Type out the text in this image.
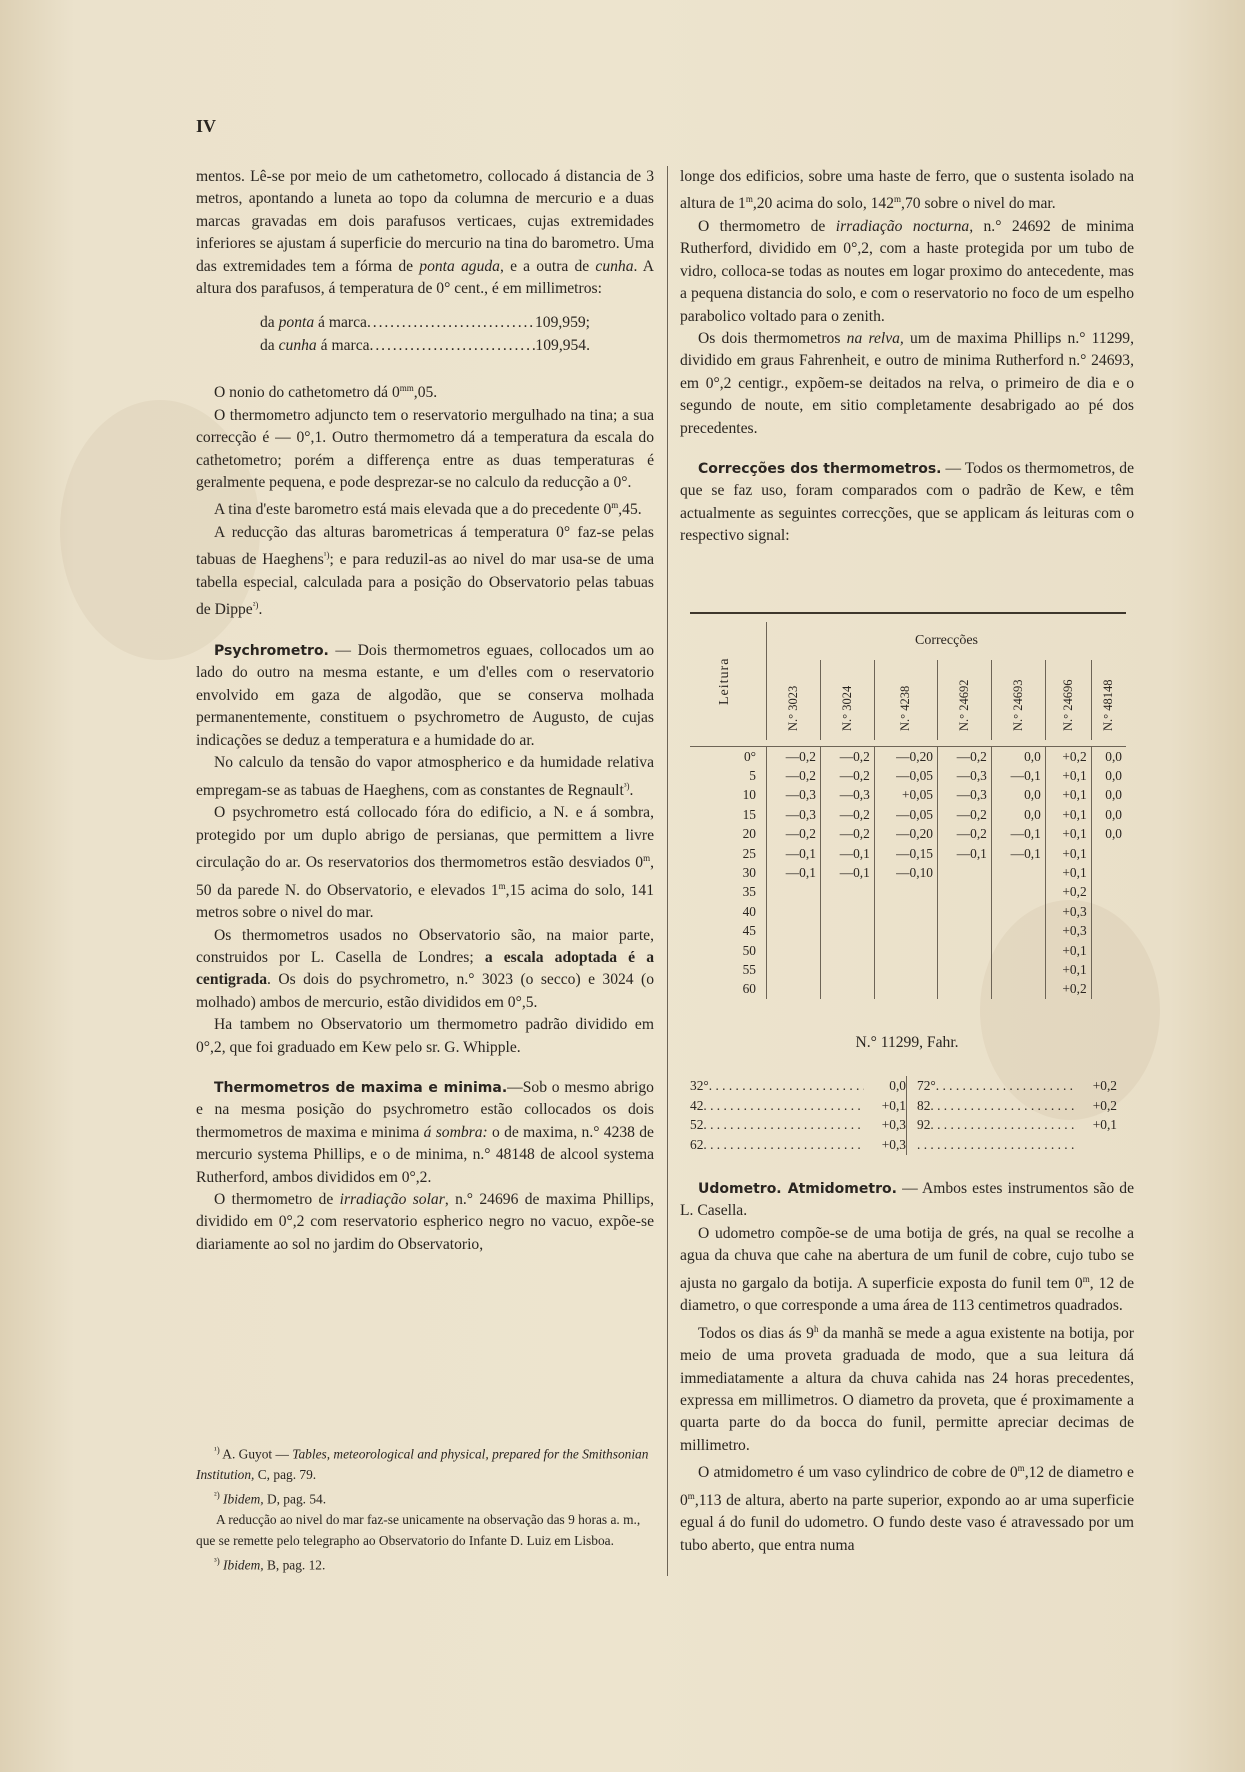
IV

mentos. Lê-se por meio de um cathetometro, collocado á distancia de 3 metros, apontando a luneta ao topo da columna de mercurio e a duas marcas gravadas em dois parafusos verticaes, cujas extremidades inferiores se ajustam á superficie do mercurio na tina do barometro. Uma das extremidades tem a fórma de ponta aguda, e a outra de cunha. A altura dos parafusos, á temperatura de 0° cent., é em millimetros:

da ponta á marca . . .	109,959;
da cunha á marca . . .	109,954.

O nonio do cathetometro dá $0^{mm},05$.

O thermometro adjuncto tem o reservatorio mergulhado na tina; a sua correcção é — 0°,1. Outro thermometro dá a temperatura da escala do cathetometro; porém a differença entre as duas temperaturas é geralmente pequena, e pode desprezar-se no calculo da reducção a 0°.

A tina d'este barometro está mais elevada que a do precedente 0$^m$,45.

A reducção das alturas barometricas á temperatura 0° faz-se pelas tabuas de Haeghens$^{^1)}$; e para reduzil-as ao nivel do mar usa-se de uma tabella especial, calculada para a posição do Observatorio pelas tabuas de Dippe$^{^2)}$.

Psychrometro. — Dois thermometros eguaes, collocados um ao lado do outro na mesma estante, e um d'elles com o reservatorio envolvido em gaza de algodão, que se conserva molhada permanentemente, constituem o psychrometro de Augusto, de cujas indicações se deduz a temperatura e a humidade do ar.

No calculo da tensão do vapor atmospherico e da humidade relativa empregam-se as tabuas de Haeghens, com as constantes de Regnault$^{^3)}$.

O psychrometro está collocado fóra do edificio, a N. e á sombra, protegido por um duplo abrigo de persianas, que permittem a livre circulação do ar. Os reservatorios dos thermometros estão desviados 0$^m$, 50 da parede N. do Observatorio, e elevados 1$^m$,15 acima do solo, 141 metros sobre o nivel do mar.

Os thermometros usados no Observatorio são, na maior parte, construidos por L. Casella de Londres; a escala adoptada é a centigrada. Os dois do psychrometro, n.° 3023 (o secco) e 3024 (o molhado) ambos de mercurio, estão divididos em 0°,5.

Ha tambem no Observatorio um thermometro padrão dividido em 0°,2, que foi graduado em Kew pelo sr. G. Whipple.

Thermometros de maxima e minima.—Sob o mesmo abrigo e na mesma posição do psychrometro estão collocados os dois thermometros de maxima e minima á sombra: o de maxima, n.° 4238 de mercurio systema Phillips, e o de minima, n.° 48148 de alcool systema Rutherford, ambos divididos em 0°,2.

O thermometro de irradiação solar, n.° 24696 de maxima Phillips, dividido em 0°,2 com reservatorio espherico negro no vacuo, expõe-se diariamente ao sol no jardim do Observatorio,

$^{^1)}$ A. Guyot — Tables, meteorological and physical, prepared for the Smithsonian Institution, C, pag. 79.

$^{^2)}$ Ibidem, D, pag. 54.

A reducção ao nivel do mar faz-se unicamente na observação das 9 horas a. m., que se remette pelo telegrapho ao Observatorio do Infante D. Luiz em Lisboa.

$^{^3)}$ Ibidem, B, pag. 12.

longe dos edificios, sobre uma haste de ferro, que o sustenta isolado na altura de 1$^m$,20 acima do solo, 142$^m$,70 sobre o nivel do mar.

O thermometro de irradiação nocturna, n.° 24692 de minima Rutherford, dividido em 0°,2, com a haste protegida por um tubo de vidro, colloca-se todas as noutes em logar proximo do antecedente, mas a pequena distancia do solo, e com o reservatorio no foco de um espelho parabolico voltado para o zenith.

Os dois thermometros na relva, um de maxima Phillips n.° 11299, dividido em graus Fahrenheit, e outro de minima Rutherford n.° 24693, em 0°,2 centigr., expõem-se deitados na relva, o primeiro de dia e o segundo de noute, em sitio completamente desabrigado ao pé dos precedentes.

Correcções dos thermometros. — Todos os thermometros, de que se faz uso, foram comparados com o padrão de Kew, e têm actualmente as seguintes correcções, que se applicam ás leituras com o respectivo signal:

Leitura	Correcções						

	N.° 3023	N.° 3024	N.° 4238	N.° 24692	N.° 24693	N.° 24696	N.° 48148

0°	—0,2	—0,2	—0,20	—0,2	0,0	+0,2	0,0
5	—0,2	—0,2	—0,05	—0,3	—0,1	+0,1	0,0
10	—0,3	—0,3	+0,05	—0,3	0,0	+0,1	0,0
15	—0,3	—0,2	—0,05	—0,2	0,0	+0,1	0,0
20	—0,2	—0,2	—0,20	—0,2	—0,1	+0,1	0,0
25	—0,1	—0,1	—0,15	—0,1	—0,1	+0,1	
30	—0,1	—0,1	—0,10			+0,1	
35						+0,2	
40						+0,3	
45						+0,3	
50						+0,1	
55						+0,1	
60						+0,2	
N.° 11299, Fahr.
32° . . .	0,0
42 . . .	+0,1
52 . . .	+0,3
62 . . .	+0,3
72° . . .	+0,2
82 . . .	+0,2
92 . . .	+0,1
. . .

Udometro. Atmidometro. — Ambos estes instrumentos são de L. Casella.

O udometro compõe-se de uma botija de grés, na qual se recolhe a agua da chuva que cahe na abertura de um funil de cobre, cujo tubo se ajusta no gargalo da botija. A superficie exposta do funil tem 0$^m$, 12 de diametro, o que corresponde a uma área de 113 centimetros quadrados.

Todos os dias ás 9$^h$ da manhã se mede a agua existente na botija, por meio de uma proveta graduada de modo, que a sua leitura dá immediatamente a altura da chuva cahida nas 24 horas precedentes, expressa em millimetros. O diametro da proveta, que é proximamente a quarta parte do da bocca do funil, permitte apreciar decimas de millimetro.

O atmidometro é um vaso cylindrico de cobre de 0$^m$,12 de diametro e 0$^m$,113 de altura, aberto na parte superior, expondo ao ar uma superficie egual á do funil do udometro. O fundo deste vaso é atravessado por um tubo aberto, que entra numa
